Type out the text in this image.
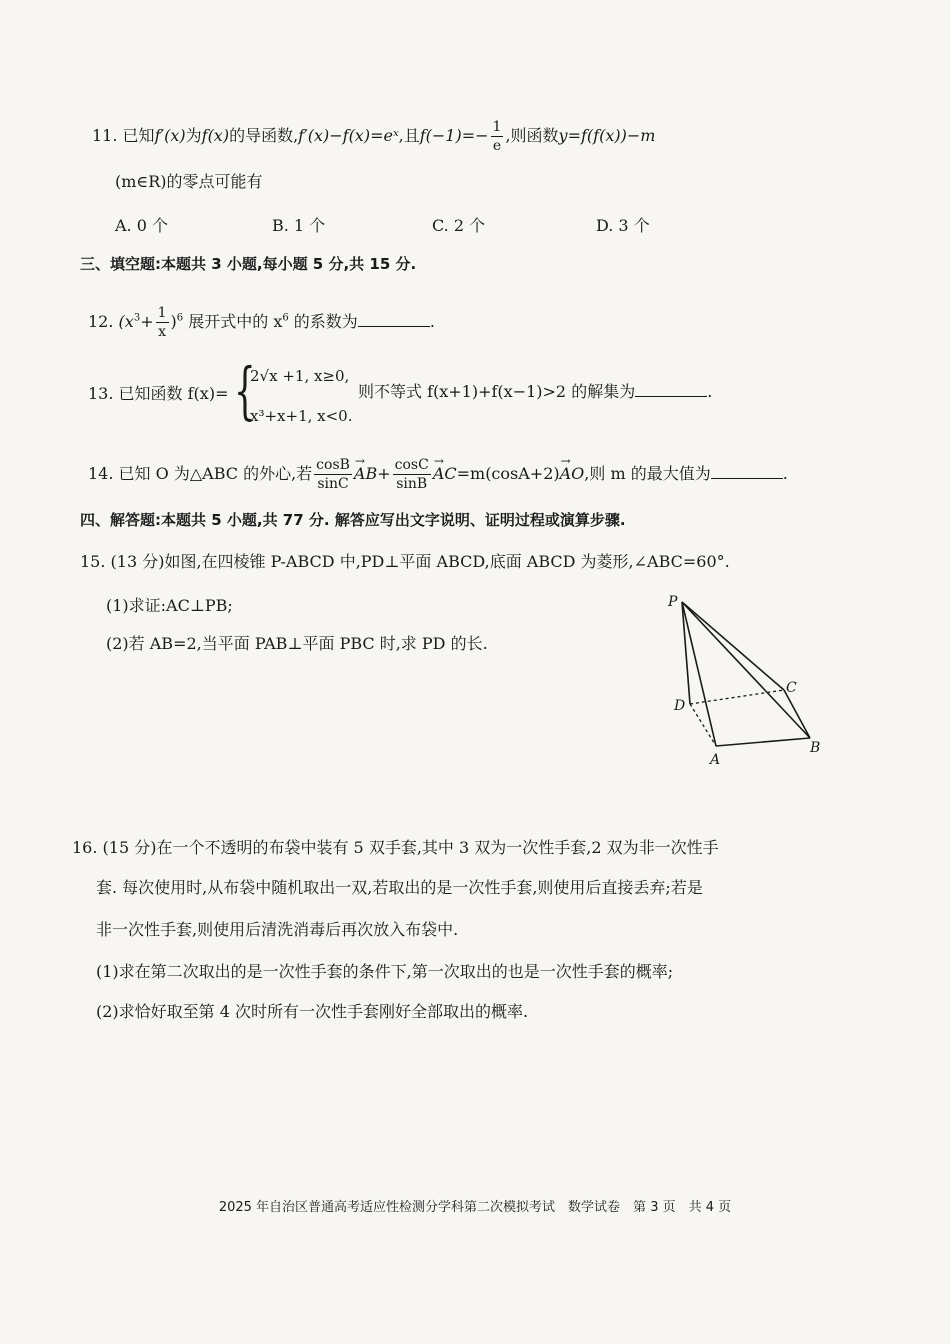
11. 已知f′(x)为f(x)的导函数,f′(x)−f(x)=eˣ,且$f(-1)=- \frac{1}{e}$ ,则函数y=f(f(x))−m
(m∈R)的零点可能有
A. 0 个	B. 1 个	C. 2 个	D. 3 个
三、填空题:本题共 3 小题,每小题 5 分,共 15 分.
12. $(x^3+ \frac{1}{x} )^6$ 展开式中的 $x^6$ 的系数为	.
13. 已知函数 f(x)= {
2√x +1, x≥0,
x³+x+1, x<0.
则不等式 f(x+1)+f(x−1)>2 的解集为	.
14. 已知 O 为△ABC 的外心,若 $\frac{\cos B}{\sin C}$
→ $AB+ \frac{\cos C}{\sin B}$
→ AC=m(cosA+2)→ AO,则 m 的最大值为	.
四、解答题:本题共 5 小题,共 77 分. 解答应写出文字说明、证明过程或演算步骤.
15. (13 分)如图,在四棱锥 P-ABCD 中,PD⊥平面 ABCD,底面 ABCD 为菱形,∠ABC=60°.
(1)求证:AC⊥PB;
(2)若 AB=2,当平面 PAB⊥平面 PBC 时,求 PD 的长.
P
C
D
B
A
16. (15 分)在一个不透明的布袋中装有 5 双手套,其中 3 双为一次性手套,2 双为非一次性手
套. 每次使用时,从布袋中随机取出一双,若取出的是一次性手套,则使用后直接丢弃;若是
非一次性手套,则使用后清洗消毒后再次放入布袋中.
(1)求在第二次取出的是一次性手套的条件下,第一次取出的也是一次性手套的概率;
(2)求恰好取至第 4 次时所有一次性手套刚好全部取出的概率.
2025 年自治区普通高考适应性检测分学科第二次模拟考试　数学试卷　第 3 页　共 4 页
